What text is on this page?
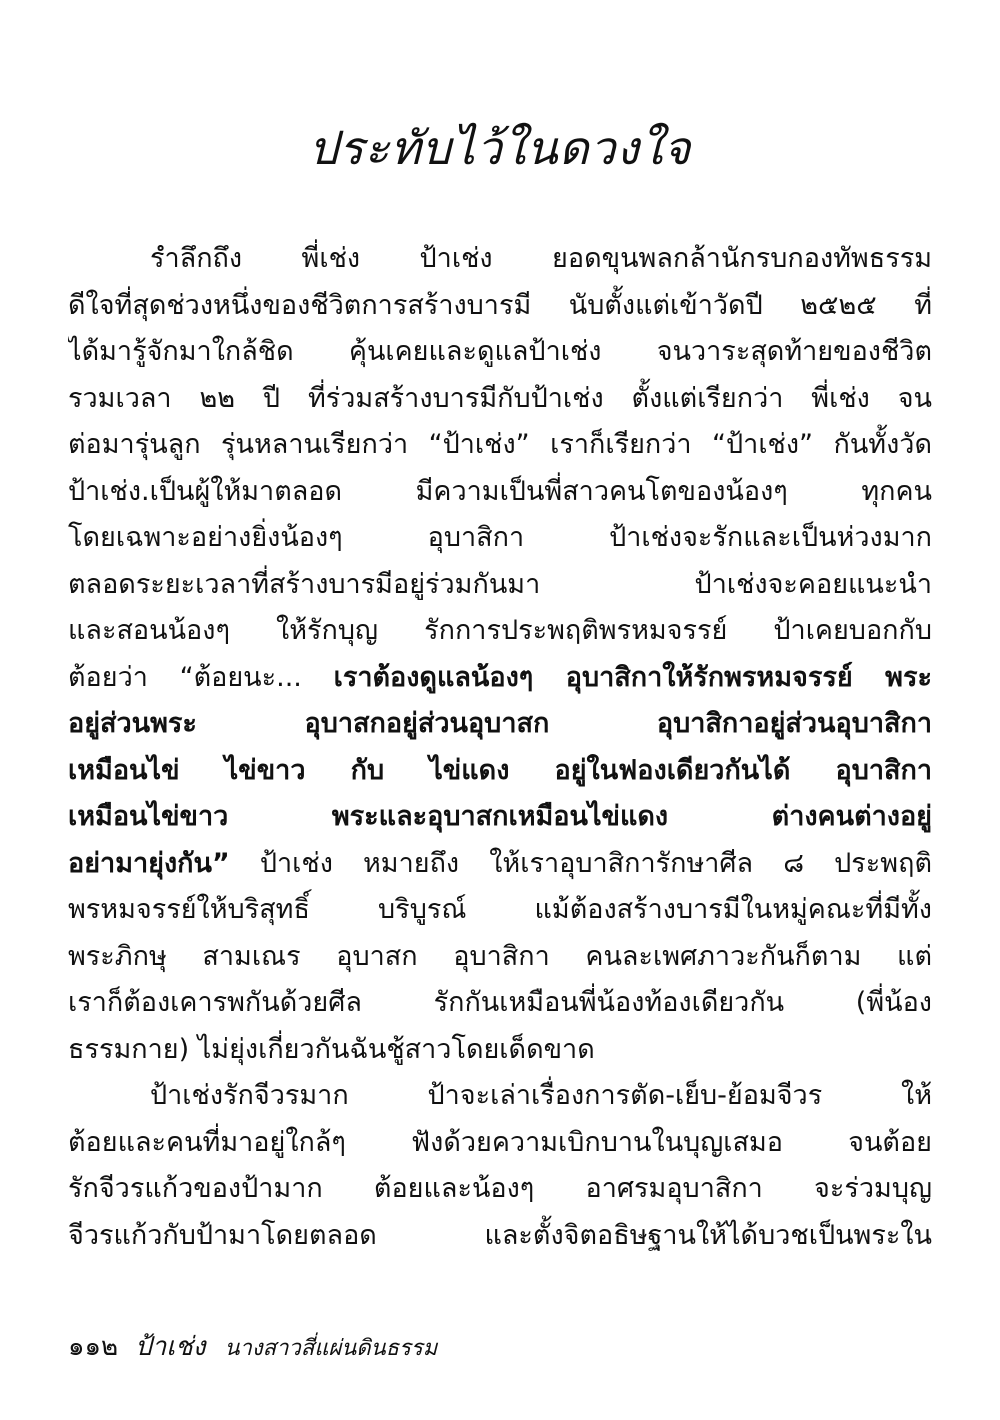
ประทับไว้ในดวงใจ
รำลึกถึง พี่เช่ง ป้าเช่ง ยอดขุนพลกล้านักรบกองทัพธรรม
ดีใจที่สุดช่วงหนึ่งของชีวิตการสร้างบารมี นับตั้งแต่เข้าวัดปี ๒๕๒๕ ที่
ได้มารู้จักมาใกล้ชิด คุ้นเคยและดูแลป้าเช่ง จนวาระสุดท้ายของชีวิต
รวมเวลา ๒๒ ปี ที่ร่วมสร้างบารมีกับป้าเช่ง ตั้งแต่เรียกว่า พี่เช่ง จน
ต่อมารุ่นลูก รุ่นหลานเรียกว่า “ป้าเช่ง” เราก็เรียกว่า “ป้าเช่ง” กันทั้งวัด
ป้าเช่ง.เป็นผู้ให้มาตลอด มีความเป็นพี่สาวคนโตของน้องๆ ทุกคน
โดยเฉพาะอย่างยิ่งน้องๆ อุบาสิกา ป้าเช่งจะรักและเป็นห่วงมาก
ตลอดระยะเวลาที่สร้างบารมีอยู่ร่วมกันมา ป้าเช่งจะคอยแนะนำ
และสอนน้องๆ ให้รักบุญ รักการประพฤติพรหมจรรย์ ป้าเคยบอกกับ
ต้อยว่า “ต้อยนะ... เราต้องดูแลน้องๆ อุบาสิกาให้รักพรหมจรรย์ พระ
อยู่ส่วนพระ อุบาสกอยู่ส่วนอุบาสก อุบาสิกาอยู่ส่วนอุบาสิกา
เหมือนไข่ ไข่ขาว กับ ไข่แดง อยู่ในฟองเดียวกันได้ อุบาสิกา
เหมือนไข่ขาว พระและอุบาสกเหมือนไข่แดง ต่างคนต่างอยู่
อย่ามายุ่งกัน” ป้าเช่ง หมายถึง ให้เราอุบาสิการักษาศีล ๘ ประพฤติ
พรหมจรรย์ให้บริสุทธิ์ บริบูรณ์ แม้ต้องสร้างบารมีในหมู่คณะที่มีทั้ง
พระภิกษุ สามเณร อุบาสก อุบาสิกา คนละเพศภาวะกันก็ตาม แต่
เราก็ต้องเคารพกันด้วยศีล รักกันเหมือนพี่น้องท้องเดียวกัน (พี่น้อง
ธรรมกาย) ไม่ยุ่งเกี่ยวกันฉันชู้สาวโดยเด็ดขาด
ป้าเช่งรักจีวรมาก ป้าจะเล่าเรื่องการตัด-เย็บ-ย้อมจีวร ให้
ต้อยและคนที่มาอยู่ใกล้ๆ ฟังด้วยความเบิกบานในบุญเสมอ จนต้อย
รักจีวรแก้วของป้ามาก ต้อยและน้องๆ อาศรมอุบาสิกา จะร่วมบุญ
จีวรแก้วกับป้ามาโดยตลอด และตั้งจิตอธิษฐานให้ได้บวชเป็นพระใน
๑๑๒ ป้าเช่ง นางสาวสี่แผ่นดินธรรม
